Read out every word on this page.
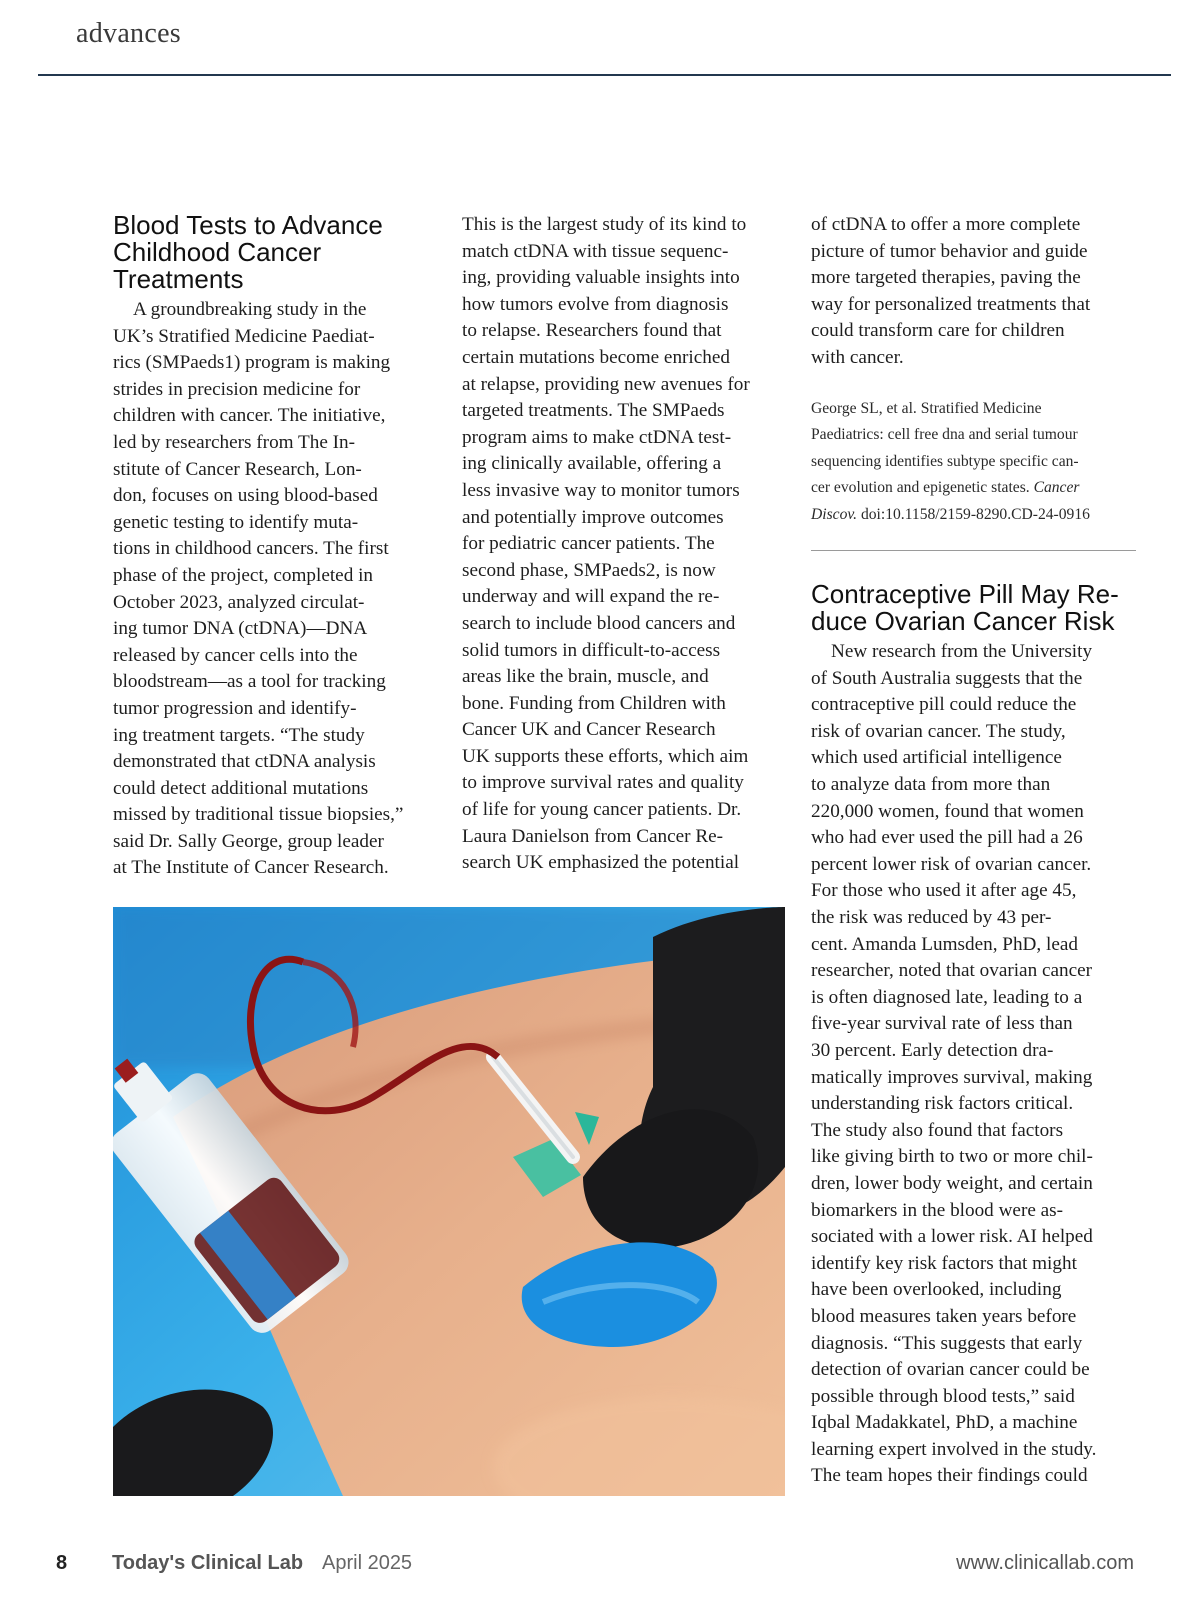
advances
Blood Tests to Advance
Childhood Cancer
Treatments

A groundbreaking study in the
UK’s Stratified Medicine Paediat-
rics (SMPaeds1) program is making
strides in precision medicine for
children with cancer. The initiative,
led by researchers from The In-
stitute of Cancer Research, Lon-
don, focuses on using blood-based
genetic testing to identify muta-
tions in childhood cancers. The first
phase of the project, completed in
October 2023, analyzed circulat-
ing tumor DNA (ctDNA)—DNA
released by cancer cells into the
bloodstream—as a tool for tracking
tumor progression and identify-
ing treatment targets. “The study
demonstrated that ctDNA analysis
could detect additional mutations
missed by traditional tissue biopsies,”
said Dr. Sally George, group leader
at The Institute of Cancer Research.

This is the largest study of its kind to
match ctDNA with tissue sequenc-
ing, providing valuable insights into
how tumors evolve from diagnosis
to relapse. Researchers found that
certain mutations become enriched
at relapse, providing new avenues for
targeted treatments. The SMPaeds
program aims to make ctDNA test-
ing clinically available, offering a
less invasive way to monitor tumors
and potentially improve outcomes
for pediatric cancer patients. The
second phase, SMPaeds2, is now
underway and will expand the re-
search to include blood cancers and
solid tumors in difficult-to-access
areas like the brain, muscle, and
bone. Funding from Children with
Cancer UK and Cancer Research
UK supports these efforts, which aim
to improve survival rates and quality
of life for young cancer patients. Dr.
Laura Danielson from Cancer Re-
search UK emphasized the potential

of ctDNA to offer a more complete
picture of tumor behavior and guide
more targeted therapies, paving the
way for personalized treatments that
could transform care for children
with cancer.

George SL, et al. Stratified Medicine
Paediatrics: cell free dna and serial tumour
sequencing identifies subtype specific can-
cer evolution and epigenetic states. Cancer
Discov. doi:10.1158/2159-8290.CD-24-0916

Contraceptive Pill May Re-
duce Ovarian Cancer Risk

New research from the University
of South Australia suggests that the
contraceptive pill could reduce the
risk of ovarian cancer. The study,
which used artificial intelligence
to analyze data from more than
220,000 women, found that women
who had ever used the pill had a 26
percent lower risk of ovarian cancer.
For those who used it after age 45,
the risk was reduced by 43 per-
cent. Amanda Lumsden, PhD, lead
researcher, noted that ovarian cancer
is often diagnosed late, leading to a
five-year survival rate of less than
30 percent. Early detection dra-
matically improves survival, making
understanding risk factors critical.
The study also found that factors
like giving birth to two or more chil-
dren, lower body weight, and certain
biomarkers in the blood were as-
sociated with a lower risk. AI helped
identify key risk factors that might
have been overlooked, including
blood measures taken years before
diagnosis. “This suggests that early
detection of ovarian cancer could be
possible through blood tests,” said
Iqbal Madakkatel, PhD, a machine
learning expert involved in the study.
The team hopes their findings could

8 Today's Clinical Lab April 2025	www.clinicallab.com
